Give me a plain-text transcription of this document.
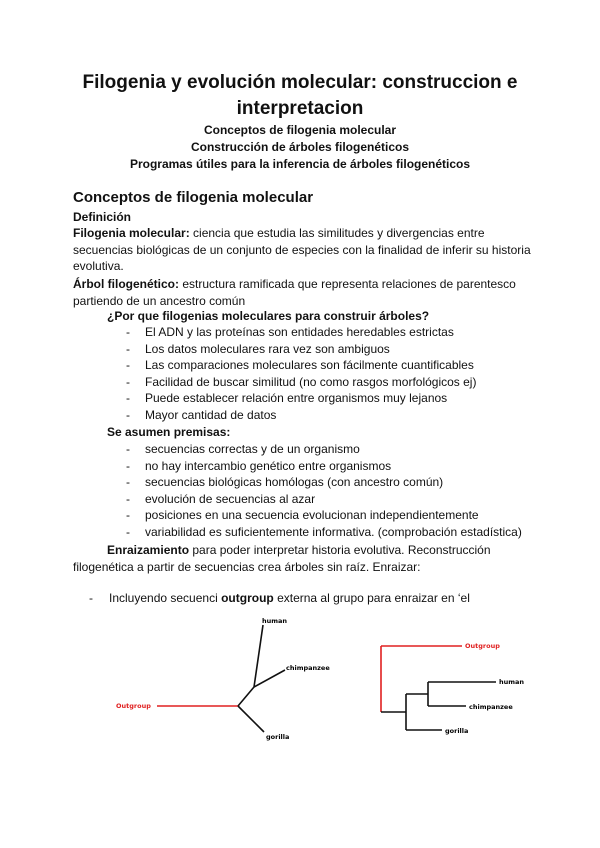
Filogenia y evolución molecular: construccion e interpretacion
Conceptos de filogenia molecular
Construcción de árboles filogenéticos
Programas útiles para la inferencia de árboles filogenéticos
Conceptos de filogenia molecular
Definición
Filogenia molecular: ciencia que estudia las similitudes y divergencias entre secuencias biológicas de un conjunto de especies con la finalidad de inferir su historia evolutiva.
Árbol filogenético: estructura ramificada que representa relaciones de parentesco partiendo de un ancestro común
¿Por que filogenias moleculares para construir árboles?
- El ADN y las proteínas son entidades heredables estrictas
- Los datos moleculares rara vez son ambiguos
- Las comparaciones moleculares son fácilmente cuantificables
- Facilidad de buscar similitud (no como rasgos morfológicos ej)
- Puede establecer relación entre organismos muy lejanos
- Mayor cantidad de datos
Se asumen premisas:
- secuencias correctas y de un organismo
- no hay intercambio genético entre organismos
- secuencias biológicas homólogas (con ancestro común)
- evolución de secuencias al azar
- posiciones en una secuencia evolucionan independientemente
- variabilidad es suficientemente informativa. (comprobación estadística)
Enraizamiento para poder interpretar historia evolutiva. Reconstrucción filogenética a partir de secuencias crea árboles sin raíz. Enraizar:
- Incluyendo secuenci outgroup externa al grupo para enraizar en ‘el
human
chimpanzee
gorilla
Outgroup
Outgroup
human
chimpanzee
gorilla
